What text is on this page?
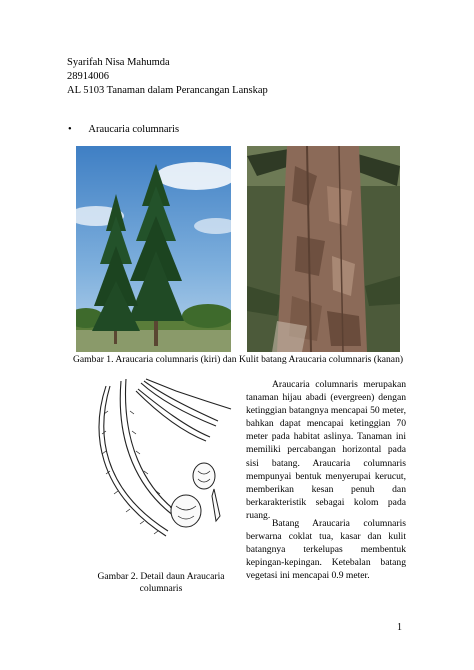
Syarifah Nisa Mahumda
28914006
AL 5103 Tanaman dalam Perancangan Lanskap
• Araucaria columnaris
Gambar 1. Araucaria columnaris (kiri) dan Kulit batang Araucaria columnaris (kanan)
Gambar 2. Detail daun Araucaria columnaris
Araucaria columnaris merupakan tanaman hijau abadi (evergreen) dengan ketinggian batangnya mencapai 50 meter, bahkan dapat mencapai ketinggian 70 meter pada habitat aslinya. Tanaman ini memiliki percabangan horizontal pada sisi batang. Araucaria columnaris mempunyai bentuk menyerupai kerucut, memberikan kesan penuh dan berkarakteristik sebagai kolom pada ruang.
Batang Araucaria columnaris berwarna coklat tua, kasar dan kulit batangnya terkelupas membentuk kepingan-kepingan. Ketebalan batang vegetasi ini mencapai 0.9 meter.
1
